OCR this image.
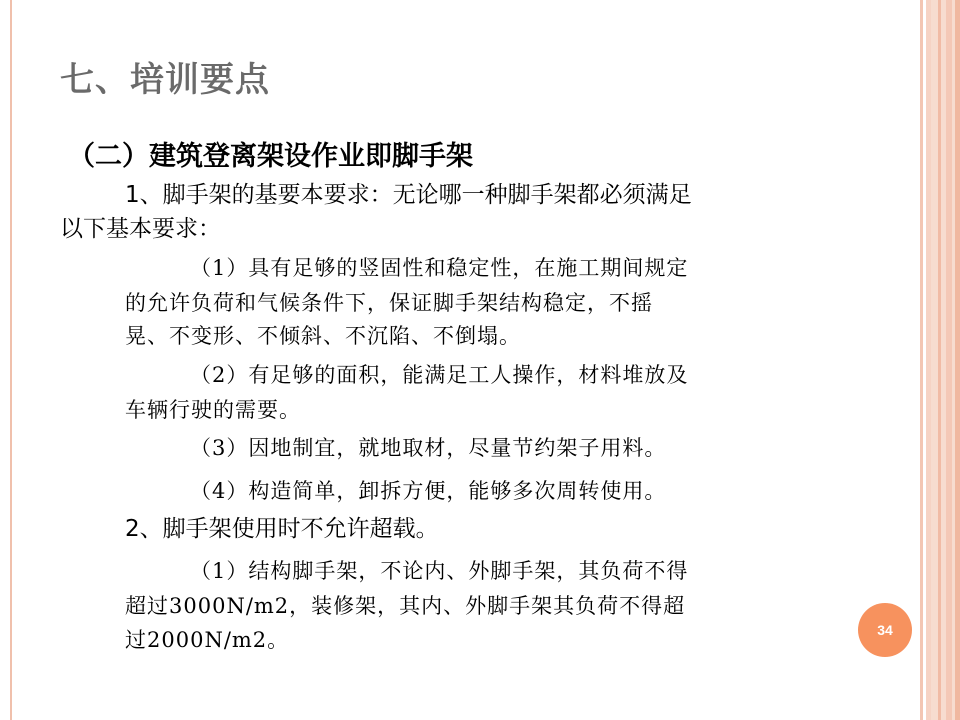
七、培训要点
（二）建筑登离架设作业即脚手架
1、脚手架的基要本要求：无论哪一种脚手架都必须满足
以下基本要求：
（1）具有足够的竖固性和稳定性，在施工期间规定
的允许负荷和气候条件下，保证脚手架结构稳定，不摇
晃、不变形、不倾斜、不沉陷、不倒塌。
（2）有足够的面积，能满足工人操作，材料堆放及
车辆行驶的需要。
（3）因地制宜，就地取材，尽量节约架子用料。
（4）构造简单，卸拆方便，能够多次周转使用。
2、脚手架使用时不允许超载。
（1）结构脚手架，不论内、外脚手架，其负荷不得
超过3000N/m2，装修架，其内、外脚手架其负荷不得超
过2000N/m2。	34
